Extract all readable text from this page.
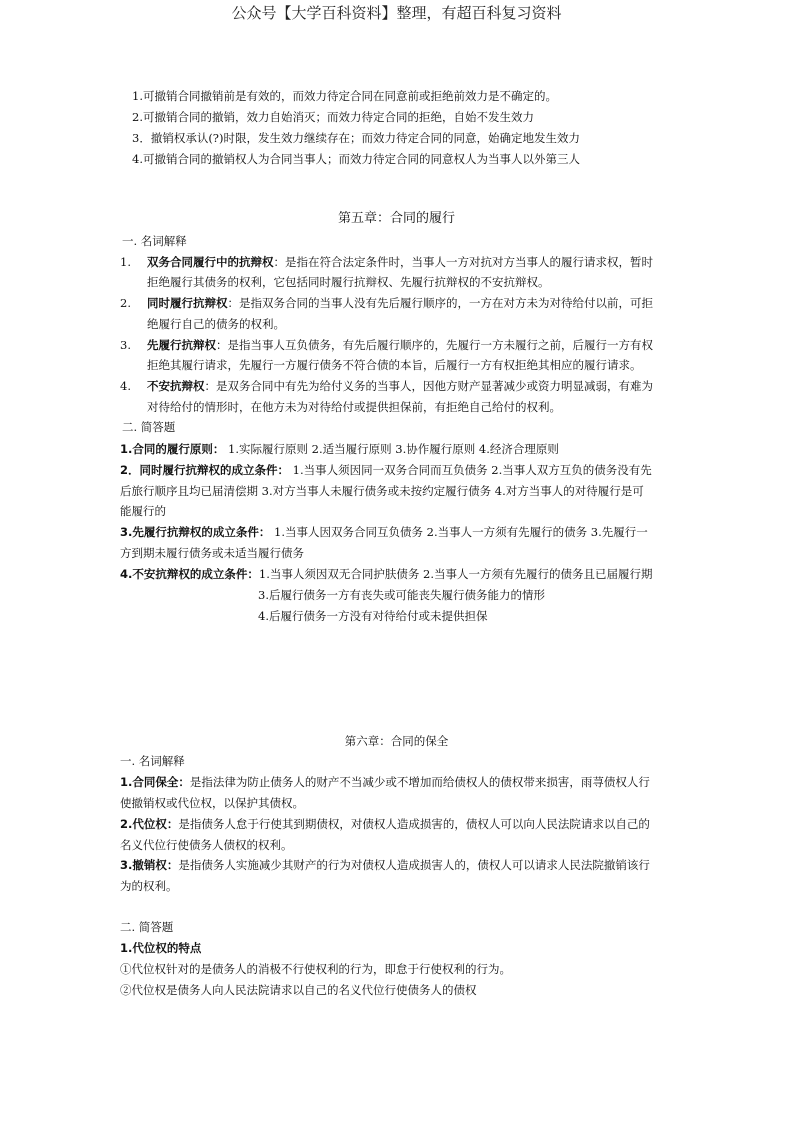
公众号【大学百科资料】整理，有超百科复习资料
1.可撤销合同撤销前是有效的，而效力待定合同在同意前或拒绝前效力是不确定的。
2.可撤销合同的撤销，效力自始消灭；而效力待定合同的拒绝，自始不发生效力
3．撤销权承认(?)时限，发生效力继续存在；而效力待定合同的同意，始确定地发生效力
4.可撤销合同的撤销权人为合同当事人；而效力待定合同的同意权人为当事人以外第三人
第五章：合同的履行
一. 名词解释
1. 双务合同履行中的抗辩权：是指在符合法定条件时，当事人一方对抗对方当事人的履行请求权，暂时
拒绝履行其债务的权利，它包括同时履行抗辩权、先履行抗辩权的不安抗辩权。
2. 同时履行抗辩权：是指双务合同的当事人没有先后履行顺序的，一方在对方未为对待给付以前，可拒
绝履行自己的债务的权利。
3. 先履行抗辩权：是指当事人互负债务，有先后履行顺序的，先履行一方未履行之前，后履行一方有权
拒绝其履行请求，先履行一方履行债务不符合债的本旨，后履行一方有权拒绝其相应的履行请求。
4. 不安抗辩权：是双务合同中有先为给付义务的当事人，因他方财产显著减少或资力明显减弱，有难为
对待给付的情形时，在他方未为对待给付或提供担保前，有拒绝自己给付的权利。
二. 简答题
1.合同的履行原则： 1.实际履行原则 2.适当履行原则 3.协作履行原则 4.经济合理原则
2．同时履行抗辩权的成立条件： 1.当事人须因同一双务合同而互负债务 2.当事人双方互负的债务没有先
后旅行顺序且均已届清偿期 3.对方当事人未履行债务或未按约定履行债务 4.对方当事人的对待履行是可
能履行的
3.先履行抗辩权的成立条件： 1.当事人因双务合同互负债务 2.当事人一方须有先履行的债务 3.先履行一
方到期未履行债务或未适当履行债务
4.不安抗辩权的成立条件：1.当事人须因双无合同护肤债务 2.当事人一方须有先履行的债务且已届履行期
3.后履行债务一方有丧失或可能丧失履行债务能力的情形
4.后履行债务一方没有对待给付或未提供担保
第六章：合同的保全
一. 名词解释
1.合同保全：是指法律为防止债务人的财产不当减少或不增加而给债权人的债权带来损害，雨荨债权人行
使撤销权或代位权，以保护其债权。
2.代位权：是指债务人怠于行使其到期债权，对债权人造成损害的，债权人可以向人民法院请求以自己的
名义代位行使债务人债权的权利。
3.撤销权：是指债务人实施减少其财产的行为对债权人造成损害人的，债权人可以请求人民法院撤销该行
为的权利。
二. 简答题
1.代位权的特点
①代位权针对的是债务人的消极不行使权利的行为，即怠于行使权利的行为。
②代位权是债务人向人民法院请求以自己的名义代位行使债务人的债权
